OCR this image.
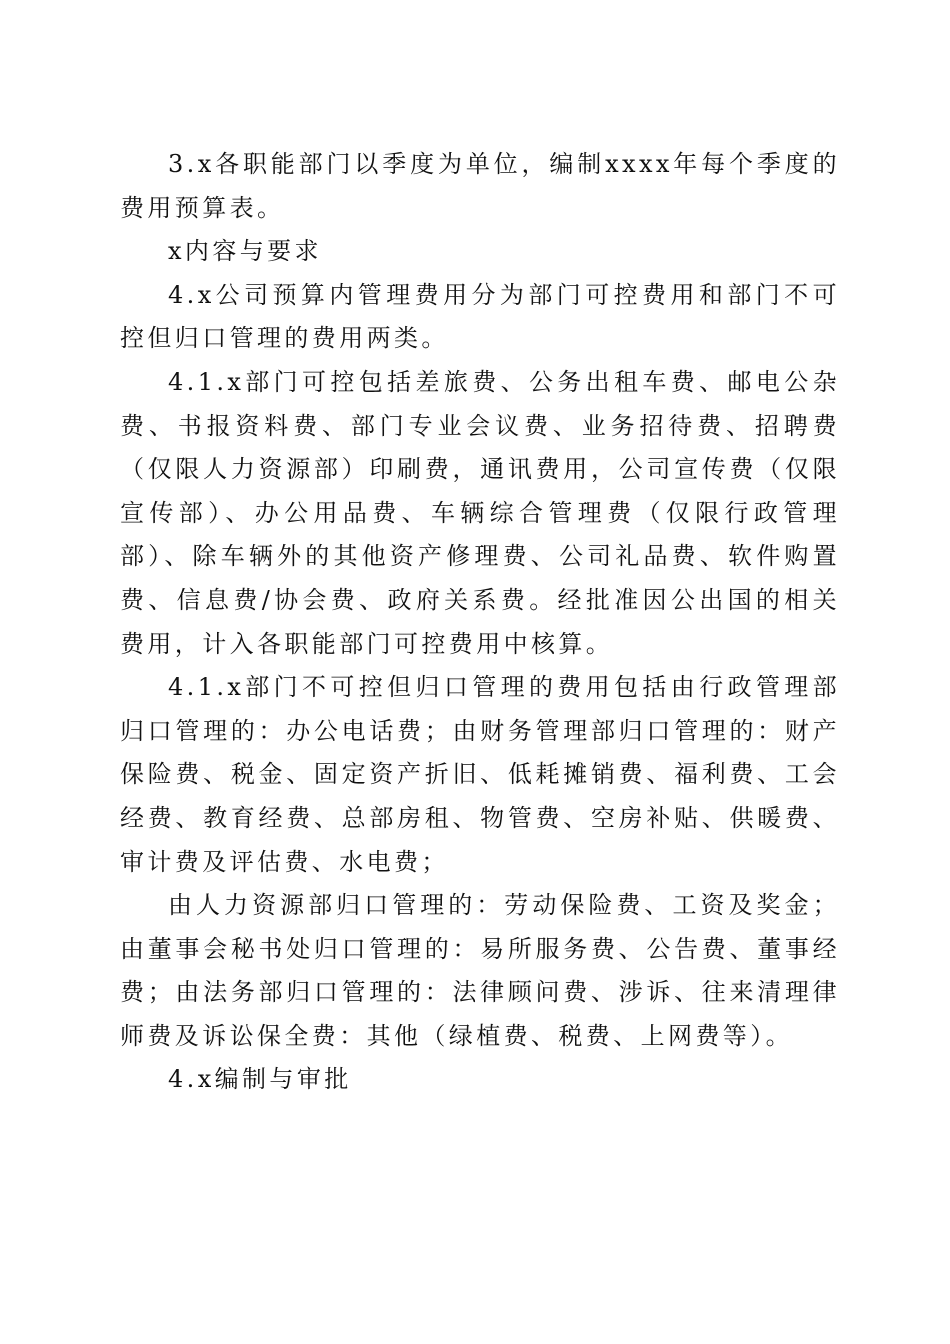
3.x各职能部门以季度为单位，编制xxxx年每个季度的费用预算表。

x内容与要求

4.x公司预算内管理费用分为部门可控费用和部门不可控但归口管理的费用两类。

4.1.x部门可控包括差旅费、公务出租车费、邮电公杂费、书报资料费、部门专业会议费、业务招待费、招聘费（仅限人力资源部）印刷费，通讯费用，公司宣传费（仅限宣传部）、办公用品费、车辆综合管理费（仅限行政管理部）、除车辆外的其他资产修理费、公司礼品费、软件购置费、信息费/协会费、政府关系费。经批准因公出国的相关费用，计入各职能部门可控费用中核算。

4.1.x部门不可控但归口管理的费用包括由行政管理部归口管理的：办公电话费；由财务管理部归口管理的：财产保险费、税金、固定资产折旧、低耗摊销费、福利费、工会经费、教育经费、总部房租、物管费、空房补贴、供暖费、审计费及评估费、水电费；

由人力资源部归口管理的：劳动保险费、工资及奖金；由董事会秘书处归口管理的：易所服务费、公告费、董事经费；由法务部归口管理的：法律顾问费、涉诉、往来清理律师费及诉讼保全费：其他（绿植费、税费、上网费等）。

4.x编制与审批
